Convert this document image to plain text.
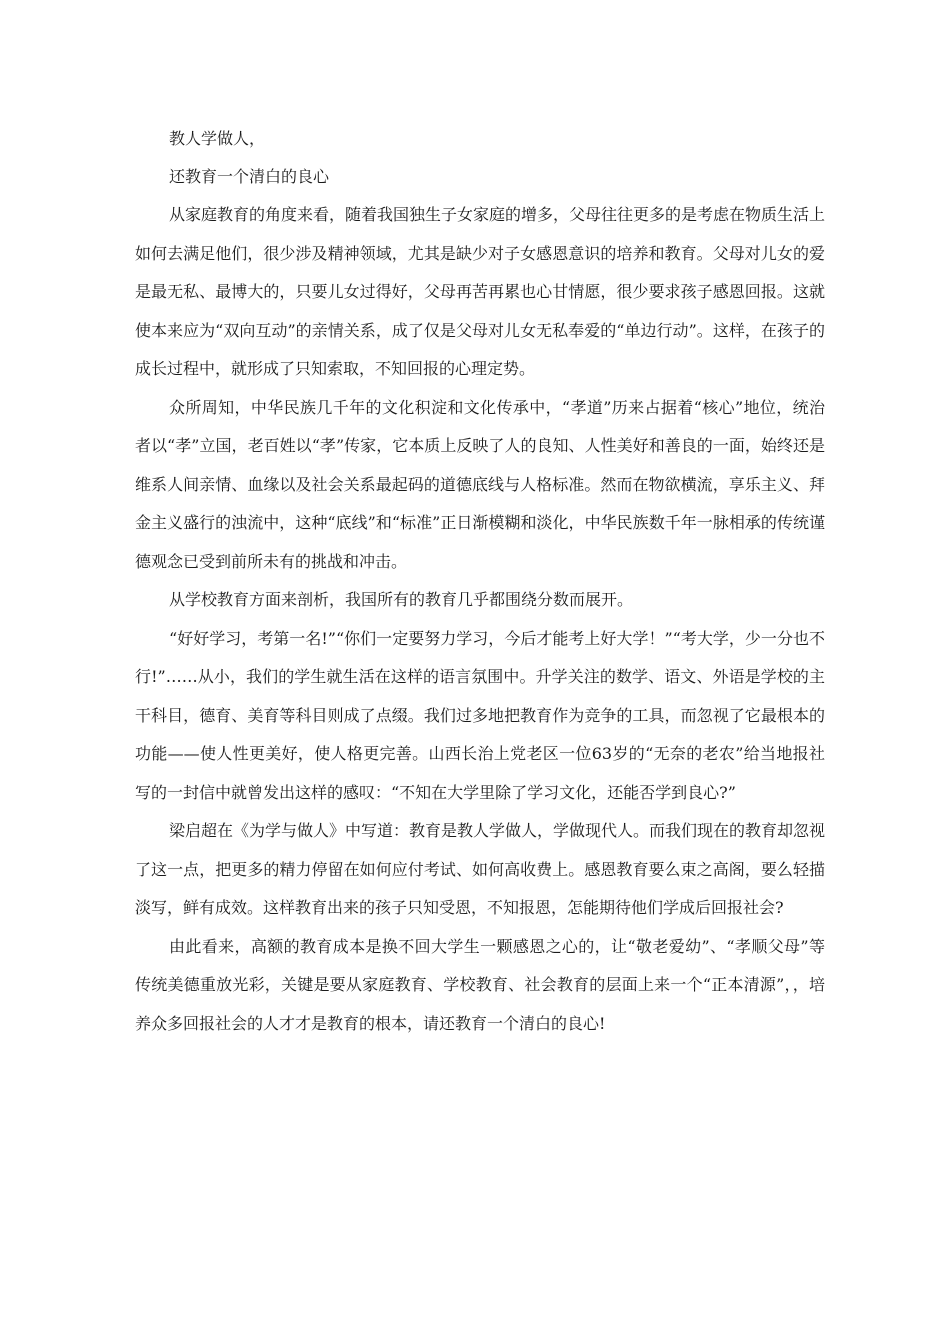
教人学做人，

还教育一个清白的良心

从家庭教育的角度来看，随着我国独生子女家庭的增多，父母往往更多的是考虑在物质生活上如何去满足他们，很少涉及精神领域，尤其是缺少对子女感恩意识的培养和教育。父母对儿女的爱是最无私、最博大的，只要儿女过得好，父母再苦再累也心甘情愿，很少要求孩子感恩回报。这就使本来应为“双向互动”的亲情关系，成了仅是父母对儿女无私奉爱的“单边行动”。这样，在孩子的成长过程中，就形成了只知索取，不知回报的心理定势。

众所周知，中华民族几千年的文化积淀和文化传承中，“孝道”历来占据着“核心”地位，统治者以“孝”立国，老百姓以“孝”传家，它本质上反映了人的良知、人性美好和善良的一面，始终还是维系人间亲情、血缘以及社会关系最起码的道德底线与人格标准。然而在物欲横流，享乐主义、拜金主义盛行的浊流中，这种“底线”和“标准”正日渐模糊和淡化，中华民族数千年一脉相承的传统谨德观念已受到前所未有的挑战和冲击。

从学校教育方面来剖析，我国所有的教育几乎都围绕分数而展开。

“好好学习，考第一名!”“你们一定要努力学习，今后才能考上好大学！”“考大学，少一分也不行!”……从小，我们的学生就生活在这样的语言氛围中。升学关注的数学、语文、外语是学校的主干科目，德育、美育等科目则成了点缀。我们过多地把教育作为竞争的工具，而忽视了它最根本的功能——使人性更美好，使人格更完善。山西长治上党老区一位63岁的“无奈的老农”给当地报社写的一封信中就曾发出这样的感叹：“不知在大学里除了学习文化，还能否学到良心?”

梁启超在《为学与做人》中写道：教育是教人学做人，学做现代人。而我们现在的教育却忽视了这一点，把更多的精力停留在如何应付考试、如何高收费上。感恩教育要么束之高阁，要么轻描淡写，鲜有成效。这样教育出来的孩子只知受恩，不知报恩，怎能期待他们学成后回报社会?

由此看来，高额的教育成本是换不回大学生一颗感恩之心的，让“敬老爱幼”、“孝顺父母”等传统美德重放光彩，关键是要从家庭教育、学校教育、社会教育的层面上来一个“正本清源”，，培养众多回报社会的人才才是教育的根本，请还教育一个清白的良心!
